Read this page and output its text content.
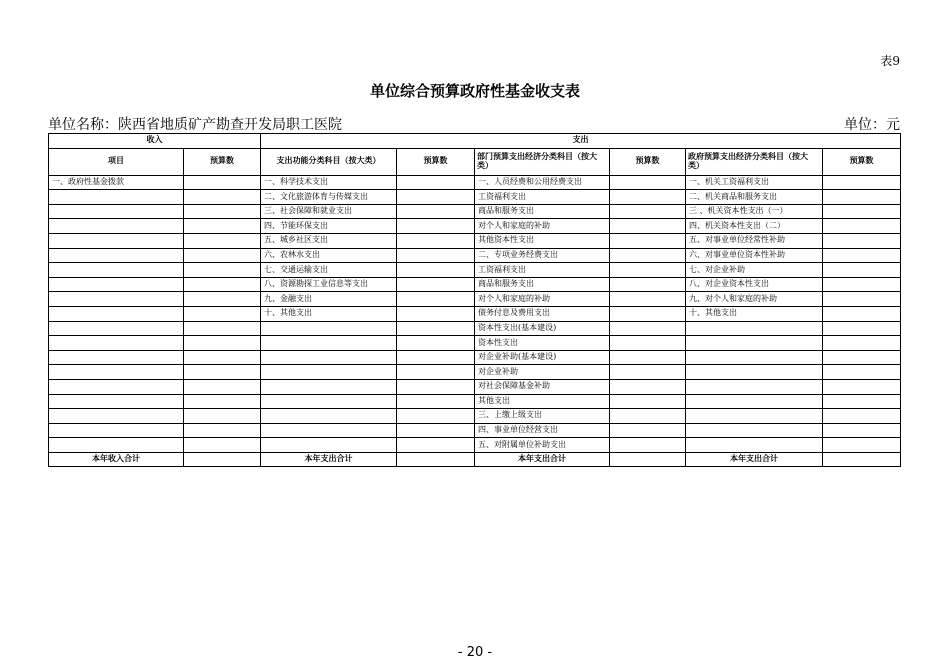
表9
单位综合预算政府性基金收支表
单位名称：陕西省地质矿产勘查开发局职工医院	单位：元
收入		支出					
项目	预算数	支出功能分类科目（按大类）	预算数	部门预算支出经济分类科目（按大类）	预算数	政府预算支出经济分类科目（按大类）	预算数
一、政府性基金拨款		一、科学技术支出		一、人员经费和公用经费支出		一、机关工资福利支出	
		二、文化旅游体育与传媒支出		工资福利支出		二、机关商品和服务支出	
		三、社会保障和就业支出		商品和服务支出		三 、机关资本性支出（一）	
		四、节能环保支出		对个人和家庭的补助		四、机关资本性支出（二）	
		五、城乡社区支出		其他资本性支出		五、对事业单位经常性补助	
		六、农林水支出		二、专项业务经费支出		六、对事业单位资本性补助	
		七、交通运输支出		工资福利支出		七、对企业补助	
		八、资源勘探工业信息等支出		商品和服务支出		八、对企业资本性支出	
		九、金融支出		对个人和家庭的补助		九、对个人和家庭的补助	
		十、其他支出		债务付息及费用支出		十、其他支出	
				资本性支出(基本建设)			
				资本性支出			
				对企业补助(基本建设)			
				对企业补助			
				对社会保障基金补助			
				其他支出			
				三、上缴上级支出			
				四、事业单位经营支出			
				五、对附属单位补助支出			
本年收入合计		本年支出合计		本年支出合计		本年支出合计	
- 20 -
